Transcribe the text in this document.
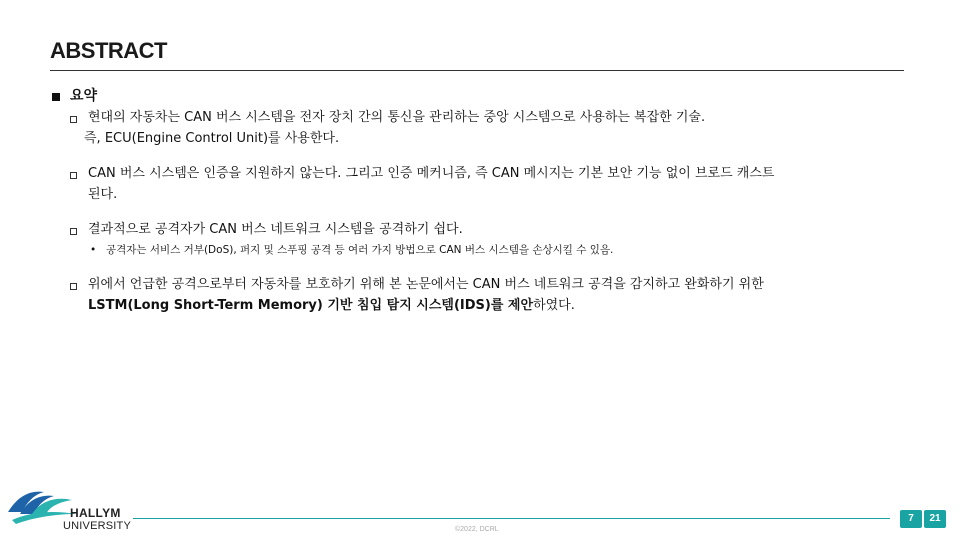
ABSTRACT
요약
현대의 자동차는 CAN 버스 시스템을 전자 장치 간의 통신을 관리하는 중앙 시스템으로 사용하는 복잡한 기술.
즉, ECU(Engine Control Unit)를 사용한다.
CAN 버스 시스템은 인증을 지원하지 않는다. 그리고 인증 메커니즘, 즉 CAN 메시지는 기본 보안 기능 없이 브로드 캐스트
된다.
결과적으로 공격자가 CAN 버스 네트워크 시스템을 공격하기 쉽다.
• 공격자는 서비스 거부(DoS), 퍼지 및 스푸핑 공격 등 여러 가지 방법으로 CAN 버스 시스템을 손상시킬 수 있음.
위에서 언급한 공격으로부터 자동차를 보호하기 위해 본 논문에서는 CAN 버스 네트워크 공격을 감지하고 완화하기 위한
LSTM(Long Short-Term Memory) 기반 침입 탐지 시스템(IDS)를 제안하였다.
HALLYM
UNIVERSITY	©2022, DCRL
7	21
